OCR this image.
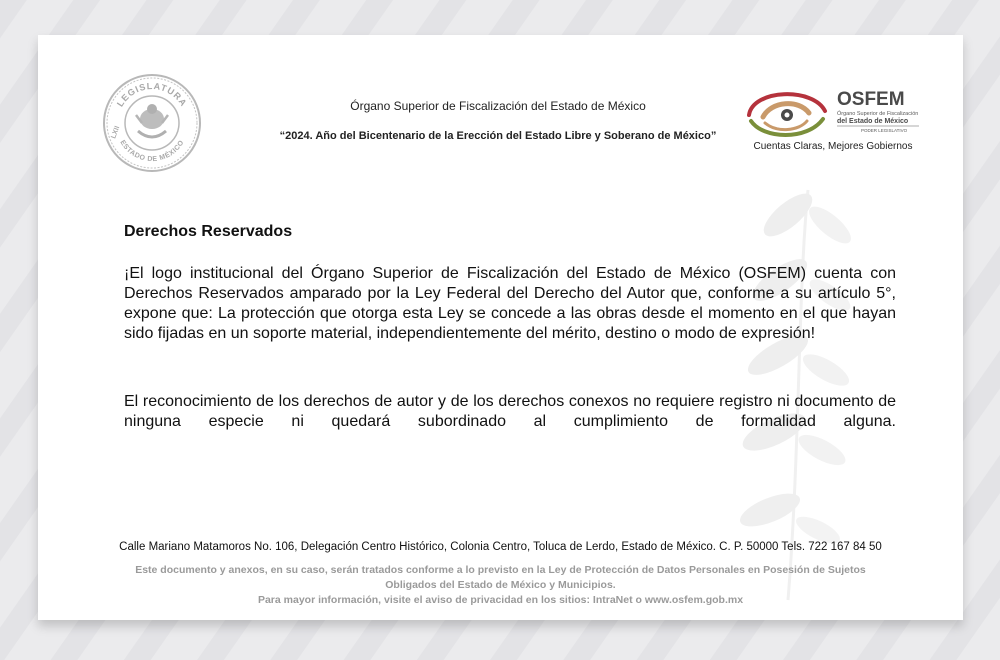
LEGISLATURA
LXII
ESTADO DE MÉXICO
Órgano Superior de Fiscalización del Estado de México
“2024. Año del Bicentenario de la Erección del Estado Libre y Soberano de México”
OSFEM
Órgano Superior de Fiscalización
del Estado de México
PODER LEGISLATIVO
Cuentas Claras, Mejores Gobiernos
Derechos Reservados
¡El logo institucional del Órgano Superior de Fiscalización del Estado de México (OSFEM) cuenta con Derechos Reservados amparado por la Ley Federal del Derecho del Autor que, conforme a su artículo 5°, expone que: La protección que otorga esta Ley se concede a las obras desde el momento en el que hayan sido fijadas en un soporte material, independientemente del mérito, destino o modo de expresión!
El reconocimiento de los derechos de autor y de los derechos conexos no requiere registro ni documento de ninguna especie ni quedará subordinado al cumplimiento de formalidad alguna.
Calle Mariano Matamoros No. 106, Delegación Centro Histórico, Colonia Centro, Toluca de Lerdo, Estado de México. C. P. 50000 Tels. 722 167 84 50
Este documento y anexos, en su caso, serán tratados conforme a lo previsto en la Ley de Protección de Datos Personales en Posesión de Sujetos
Obligados del Estado de México y Municipios.
Para mayor información, visite el aviso de privacidad en los sitios: IntraNet o www.osfem.gob.mx
